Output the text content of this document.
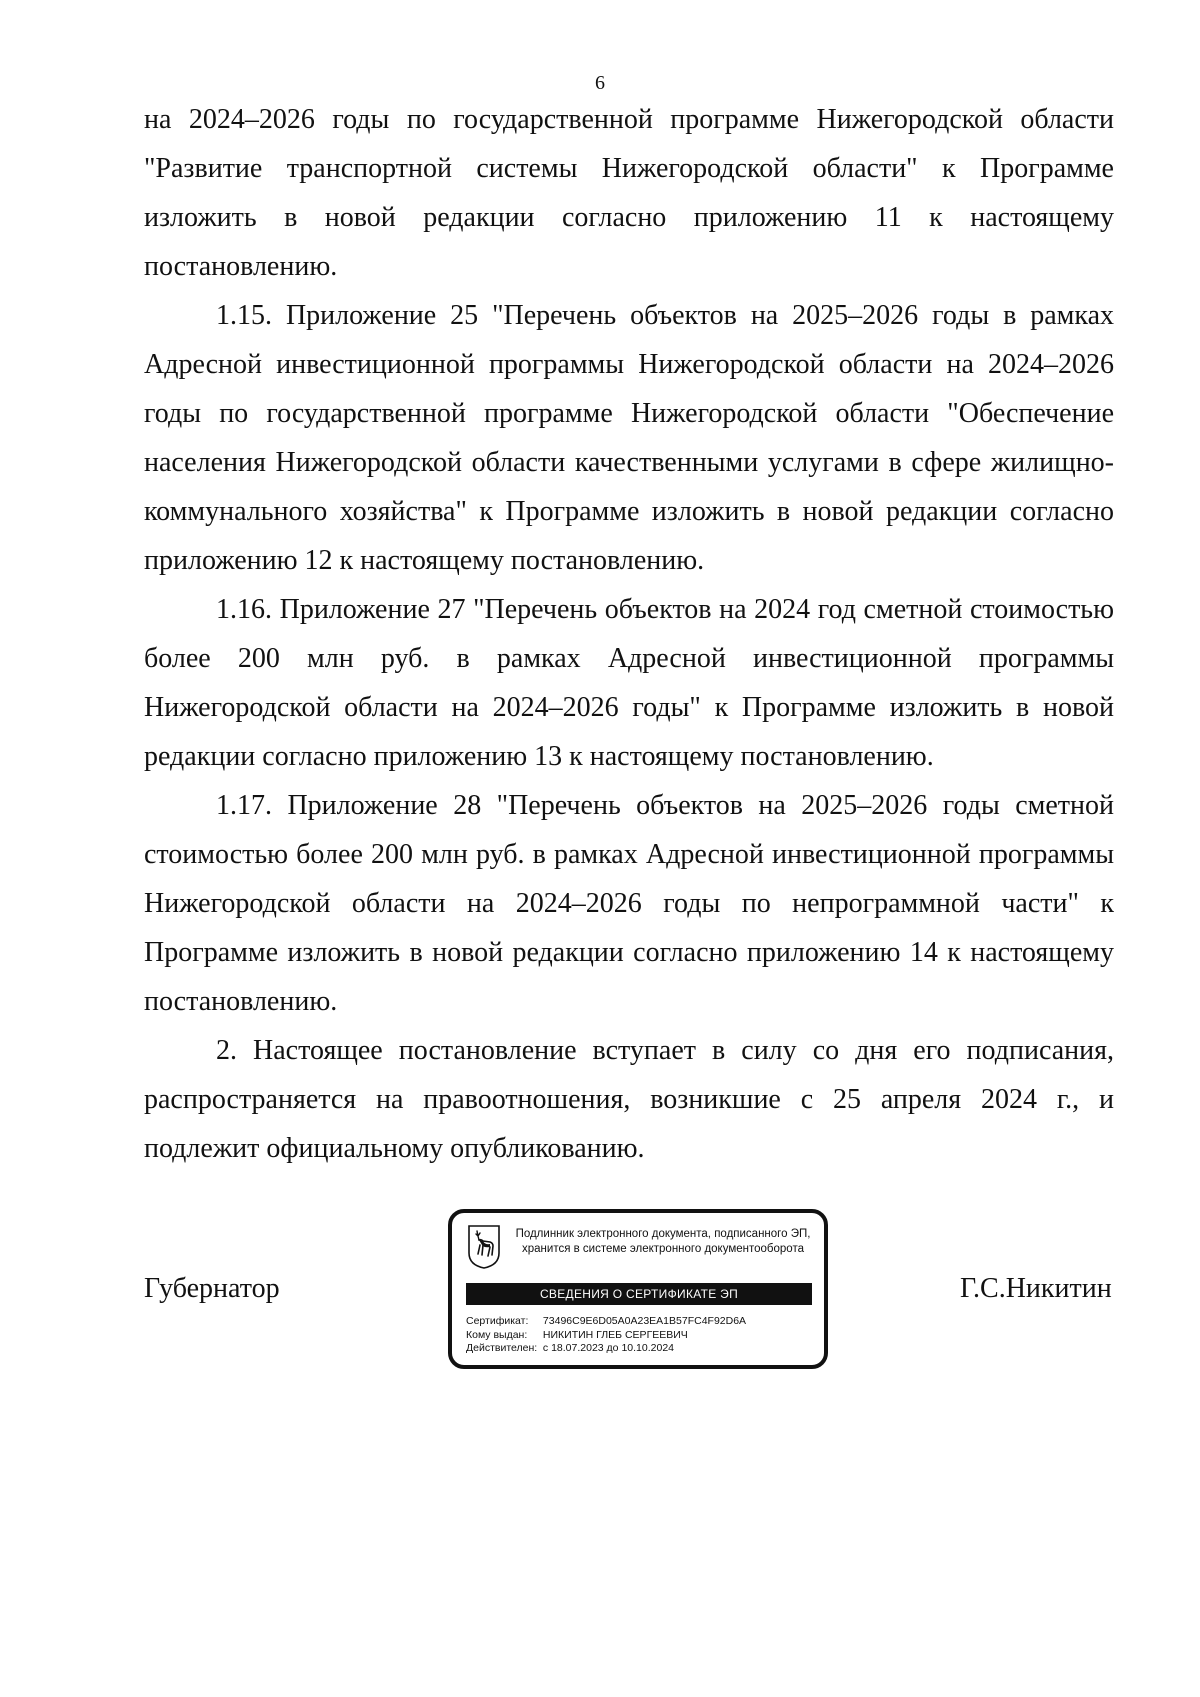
6

на 2024–2026 годы по государственной программе Нижегородской области "Развитие транспортной системы Нижегородской области" к Программе изложить в новой редакции согласно приложению 11 к настоящему постановлению.

1.15. Приложение 25 "Перечень объектов на 2025–2026 годы в рамках Адресной инвестиционной программы Нижегородской области на 2024–2026 годы по государственной программе Нижегородской области "Обеспечение населения Нижегородской области качественными услугами в сфере жилищно-коммунального хозяйства" к Программе изложить в новой редакции согласно приложению 12 к настоящему постановлению.

1.16. Приложение 27 "Перечень объектов на 2024 год сметной стоимостью более 200 млн руб. в рамках Адресной инвестиционной программы Нижегородской области на 2024–2026 годы" к Программе изложить в новой редакции согласно приложению 13 к настоящему постановлению.

1.17. Приложение 28 "Перечень объектов на 2025–2026 годы сметной стоимостью более 200 млн руб. в рамках Адресной инвестиционной программы Нижегородской области на 2024–2026 годы по непрограммной части" к Программе изложить в новой редакции согласно приложению 14 к настоящему постановлению.

2. Настоящее постановление вступает в силу со дня его подписания, распространяется на правоотношения, возникшие с 25 апреля 2024 г., и подлежит официальному опубликованию.

Губернатор	Г.С.Никитин
Подлинник электронного документа, подписанного ЭП,
хранится в системе электронного документооборота
СВЕДЕНИЯ О СЕРТИФИКАТЕ ЭП
Сертификат: 73496C9E6D05A0A23EA1B57FC4F92D6A
Кому выдан: НИКИТИН ГЛЕБ СЕРГЕЕВИЧ
Действителен: с 18.07.2023 до 10.10.2024
